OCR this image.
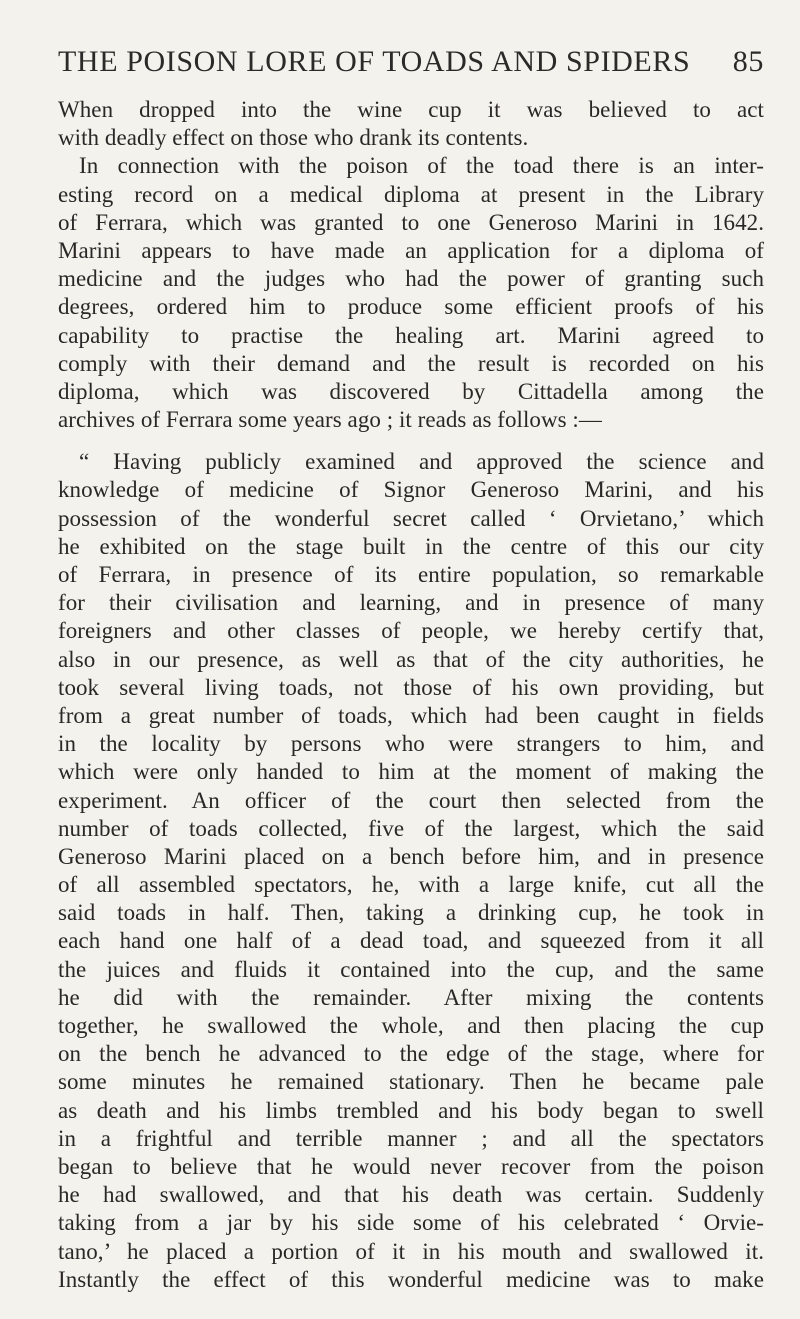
THE POISON LORE OF TOADS AND SPIDERS 85
When dropped into the wine cup it was believed to act
with deadly effect on those who drank its contents.
In connection with the poison of the toad there is an inter-
esting record on a medical diploma at present in the Library
of Ferrara, which was granted to one Generoso Marini in 1642.
Marini appears to have made an application for a diploma of
medicine and the judges who had the power of granting such
degrees, ordered him to produce some efficient proofs of his
capability to practise the healing art. Marini agreed to
comply with their demand and the result is recorded on his
diploma, which was discovered by Cittadella among the
archives of Ferrara some years ago ; it reads as follows :—
“ Having publicly examined and approved the science and
knowledge of medicine of Signor Generoso Marini, and his
possession of the wonderful secret called ‘ Orvietano,’ which
he exhibited on the stage built in the centre of this our city
of Ferrara, in presence of its entire population, so remarkable
for their civilisation and learning, and in presence of many
foreigners and other classes of people, we hereby certify that,
also in our presence, as well as that of the city authorities, he
took several living toads, not those of his own providing, but
from a great number of toads, which had been caught in fields
in the locality by persons who were strangers to him, and
which were only handed to him at the moment of making the
experiment. An officer of the court then selected from the
number of toads collected, five of the largest, which the said
Generoso Marini placed on a bench before him, and in presence
of all assembled spectators, he, with a large knife, cut all the
said toads in half. Then, taking a drinking cup, he took in
each hand one half of a dead toad, and squeezed from it all
the juices and fluids it contained into the cup, and the same
he did with the remainder. After mixing the contents
together, he swallowed the whole, and then placing the cup
on the bench he advanced to the edge of the stage, where for
some minutes he remained stationary. Then he became pale
as death and his limbs trembled and his body began to swell
in a frightful and terrible manner ; and all the spectators
began to believe that he would never recover from the poison
he had swallowed, and that his death was certain. Suddenly
taking from a jar by his side some of his celebrated ‘ Orvie-
tano,’ he placed a portion of it in his mouth and swallowed it.
Instantly the effect of this wonderful medicine was to make
